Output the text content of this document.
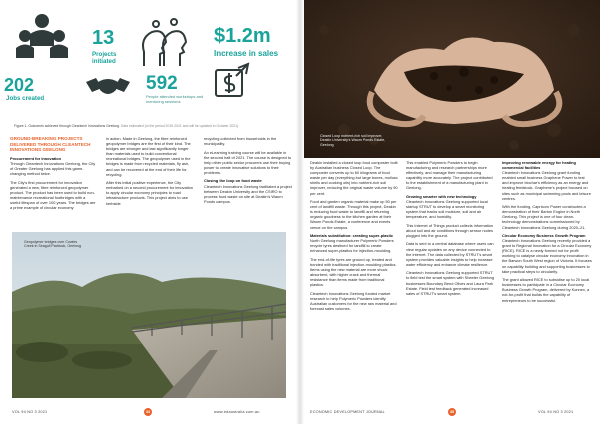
202
Jobs created
13
Projects initiated
592
People attended workshops and mentoring sessions
$1.2m
Increase in sales
Figure 1. Outcomes achieved through Cleantech Innovations Geelong. Data estimated (to the period 2019-2021 and will be updated in October 2021).

GROUND-BREAKING PROJECTS DELIVERED THROUGH CLEANTECH INNOVATIONS GEELONG

Procurement for innovation

Through Cleantech Innovations Geelong, the City of Greater Geelong has applied this game-changing method twice.

The City's first procurement for innovation generated a new, fibre reinforced geopolymer product. The product has been used to build non-maintenance recreational footbridges with a useful lifespan of over 100 years. The bridges are a prime example of circular economy

in action. Made in Geelong, the fibre reinforced geopolymer bridges are the first of their kind. The bridges are stronger and last significantly longer than materials used to build conventional recreational bridges. The geopolymer used in the bridges is made from recycled materials, fly ash, and can be recovered at the end of their life for recycling.

After this initial positive experience, the City embarked on a second procurement for innovation to apply circular economy principles to road infrastructure products. This project aims to use kerbside

recycling collected from households in the municipality.

An eLearning training course will be available in the second half of 2021. The course is designed to help other public sector procurers use their buying power to create innovative solutions to their problems.

Closing the loop on food waste

Cleantech Innovations Geelong facilitated a project between Deakin University and the CSIRO to process food waste on site at Deakin's Waurn Ponds campus.

Geopolymer bridges over Cowies Creek in Seagull Paddock, Geelong
VOL 94 NO 3 2021	34	www.edaustralia.com.au
Closed Loop nutrient-rich soil improver, Deakin University's Waurn Ponds Estate, Geelong

Deakin installed a closed loop food composter built by Australian business Closed Loop. The composter converts up to 60 kilograms of food waste per day (everything but large bones, mollusc shells and cooking oils) into nutrient-rich soil improver, reducing the original waste volume by 90 per cent.

Food and garden organic material make up 50 per cent of landfill waste. Through this project, Deakin is reducing food waste to landfill and returning organic goodness to the kitchen garden at their Waurn Ponds Estate, a conference and events venue on the campus.

Materials substitution: creating super-plastic

North Geelong manufacturer Polymeric Powders recycle tyres destined for landfill to create enhanced super-plastics for injection-moulding.

The end-of-life tyres are ground up, treated and bonded with traditional injection-moulding plastics. Items using the new material are more shock absorbent, with higher crack and thermal resistance than items made from traditional plastics.

Cleantech Innovations Geelong funded market research to help Polymeric Powders identify Australian customers for the new raw material and forecast sales volumes.

This enabled Polymeric Powders to begin manufacturing and research partnerships more effectively, and manage their manufacturing capability more accurately. The project contributed to the establishment of a manufacturing plant in Geelong.

Growing smarter with new technology

Cleantech Innovations Geelong supported local startup STRUT to develop a smart monitoring system that tracks soil moisture, soil and air temperature, and humidity.

This Internet of Things product collects information about soil and air conditions through sensor nodes plugged into the ground.

Data is sent to a central database where users can view regular updates on any device connected to the internet. The data collected by STRUT's smart system provides valuable insights to help increase water efficiency and enhance climate resilience.

Cleantech Innovations Geelong supported STRUT to field test the smart system with Sheeter Geelong businesses Boundary Bend Olives and Laura Park Estate. Field test feedback generated increased sales of STRUT's smart system.

Improving renewable energy for heating commercial facilities

Cleantech Innovations Geelong grant funding enabled small business Graphene Power to test and improve biochar's efficiency as an energy and heating feedstock. Graphene's project focused on sites such as municipal swimming pools and leisure centres.

With the funding, Capricorn Power constructed a demonstration of their Barton Engine in North Geelong. This project is one of four clean-technology demonstrations commissioned by Cleantech Innovations Geelong during 2020–21.

Circular Economy Business Growth Program

Cleantech Innovations Geelong recently provided a grant to Regional Innovation for a Circular Economy (RICE). RICE is a newly formed not for profit working to catalyse circular economy innovation in the Barwon South West region of Victoria. It focuses on capability building and supporting businesses to take practical steps to circularity.

The grant allowed RICE to subsidise up to 20 local businesses to participate in a Circular Economy Business Growth Program, delivered by Konnex, a not-for-profit that builds the capability of entrepreneurs to be successful.

ECONOMIC DEVELOPMENT JOURNAL	35	VOL 94 NO 3 2021
